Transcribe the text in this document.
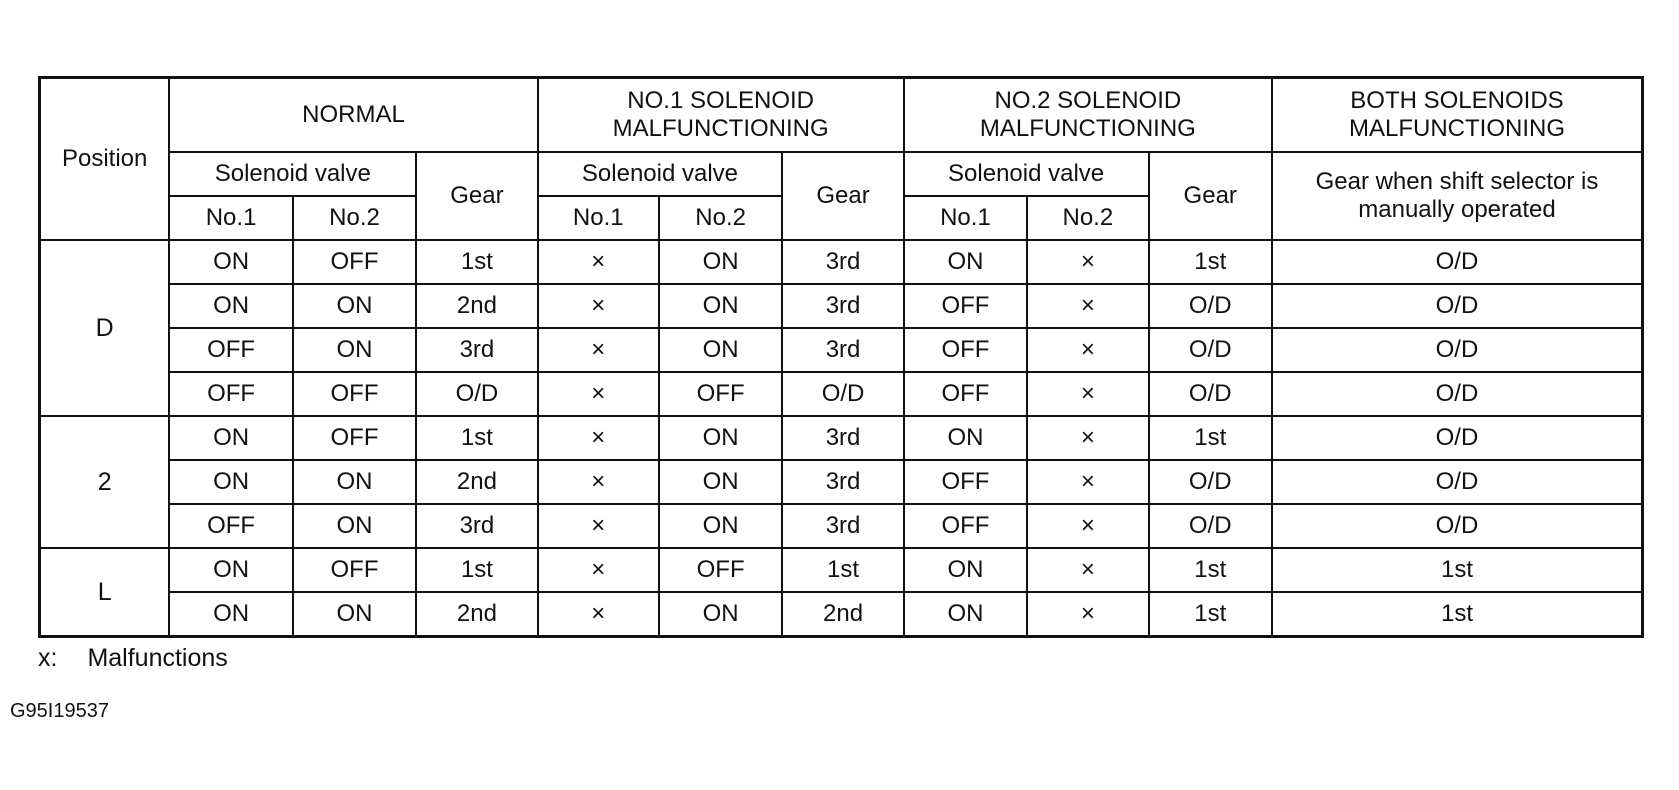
Position	NORMAL			NO.1 SOLENOID MALFUNCTIONING			NO.2 SOLENOID MALFUNCTIONING			BOTH SOLENOIDS MALFUNCTIONING
	Solenoid valve		Gear	Solenoid valve		Gear	Solenoid valve		Gear	Gear when shift selector is manually operated
	No.1	No.2		No.1	No.2		No.1	No.2		
D	ON	OFF	1st	×	ON	3rd	ON	×	1st	O/D
	ON	ON	2nd	×	ON	3rd	OFF	×	O/D	O/D
	OFF	ON	3rd	×	ON	3rd	OFF	×	O/D	O/D
	OFF	OFF	O/D	×	OFF	O/D	OFF	×	O/D	O/D
2	ON	OFF	1st	×	ON	3rd	ON	×	1st	O/D
	ON	ON	2nd	×	ON	3rd	OFF	×	O/D	O/D
	OFF	ON	3rd	×	ON	3rd	OFF	×	O/D	O/D
L	ON	OFF	1st	×	OFF	1st	ON	×	1st	1st
	ON	ON	2nd	×	ON	2nd	ON	×	1st	1st
x: Malfunctions
G95I19537
